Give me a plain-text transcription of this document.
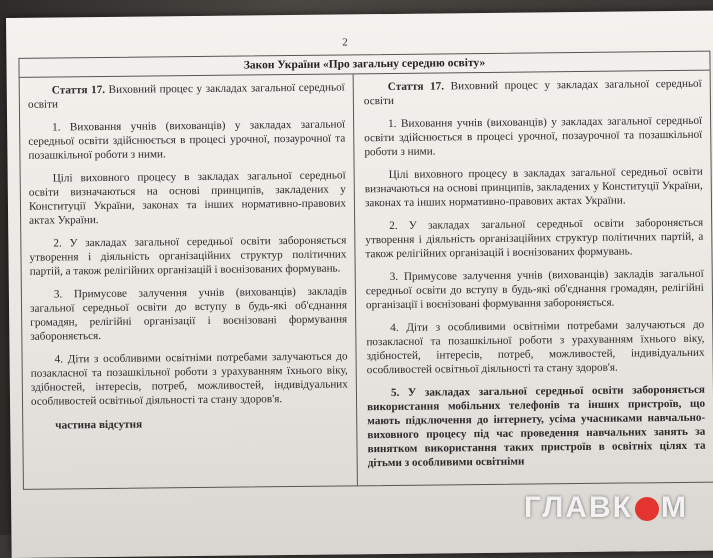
2
Закон України «Про загальну середню освіту»

Стаття 17. Виховний процес у закладах загальної середньої освіти

1. Виховання учнів (вихованців) у закладах загальної середньої освіти здійснюється в процесі урочної, позаурочної та позашкільної роботи з ними.

Цілі виховного процесу в закладах загальної середньої освіти визначаються на основі принципів, закладених у Конституції України, законах та інших нормативно-правових актах України.

2. У закладах загальної середньої освіти забороняється утворення і діяльність організаційних структур політичних партій, а також релігійних організацій і воєнізованих формувань.

3. Примусове залучення учнів (вихованців) закладів загальної середньої освіти до вступу в будь-які об'єднання громадян, релігійні організації і воєнізовані формування забороняється.

4. Діти з особливими освітніми потребами залучаються до позакласної та позашкільної роботи з урахуванням їхнього віку, здібностей, інтересів, потреб, можливостей, індивідуальних особливостей освітньої діяльності та стану здоров'я.

частина відсутня

Стаття 17. Виховний процес у закладах загальної середньої освіти

1. Виховання учнів (вихованців) у закладах загальної середньої освіти здійснюється в процесі урочної, позаурочної та позашкільної роботи з ними.

Цілі виховного процесу в закладах загальної середньої освіти визначаються на основі принципів, закладених у Конституції України, законах та інших нормативно-правових актах України.

2. У закладах загальної середньої освіти забороняється утворення і діяльність організаційних структур політичних партій, а також релігійних організацій і воєнізованих формувань.

3. Примусове залучення учнів (вихованців) закладів загальної середньої освіти до вступу в будь-які об'єднання громадян, релігійні організації і воєнізовані формування забороняється.

4. Діти з особливими освітніми потребами залучаються до позакласної та позашкільної роботи з урахуванням їхнього віку, здібностей, інтересів, потреб, можливостей, індивідуальних особливостей освітньої діяльності та стану здоров'я.

5. У закладах загальної середньої освіти забороняється використання мобільних телефонів та інших пристроїв, що мають підключення до інтернету, усіма учасниками навчально-виховного процесу під час проведення навчальних занять за винятком використання таких пристроїв в освітніх цілях та дітьми з особливими освітніми

ГЛАВК М
